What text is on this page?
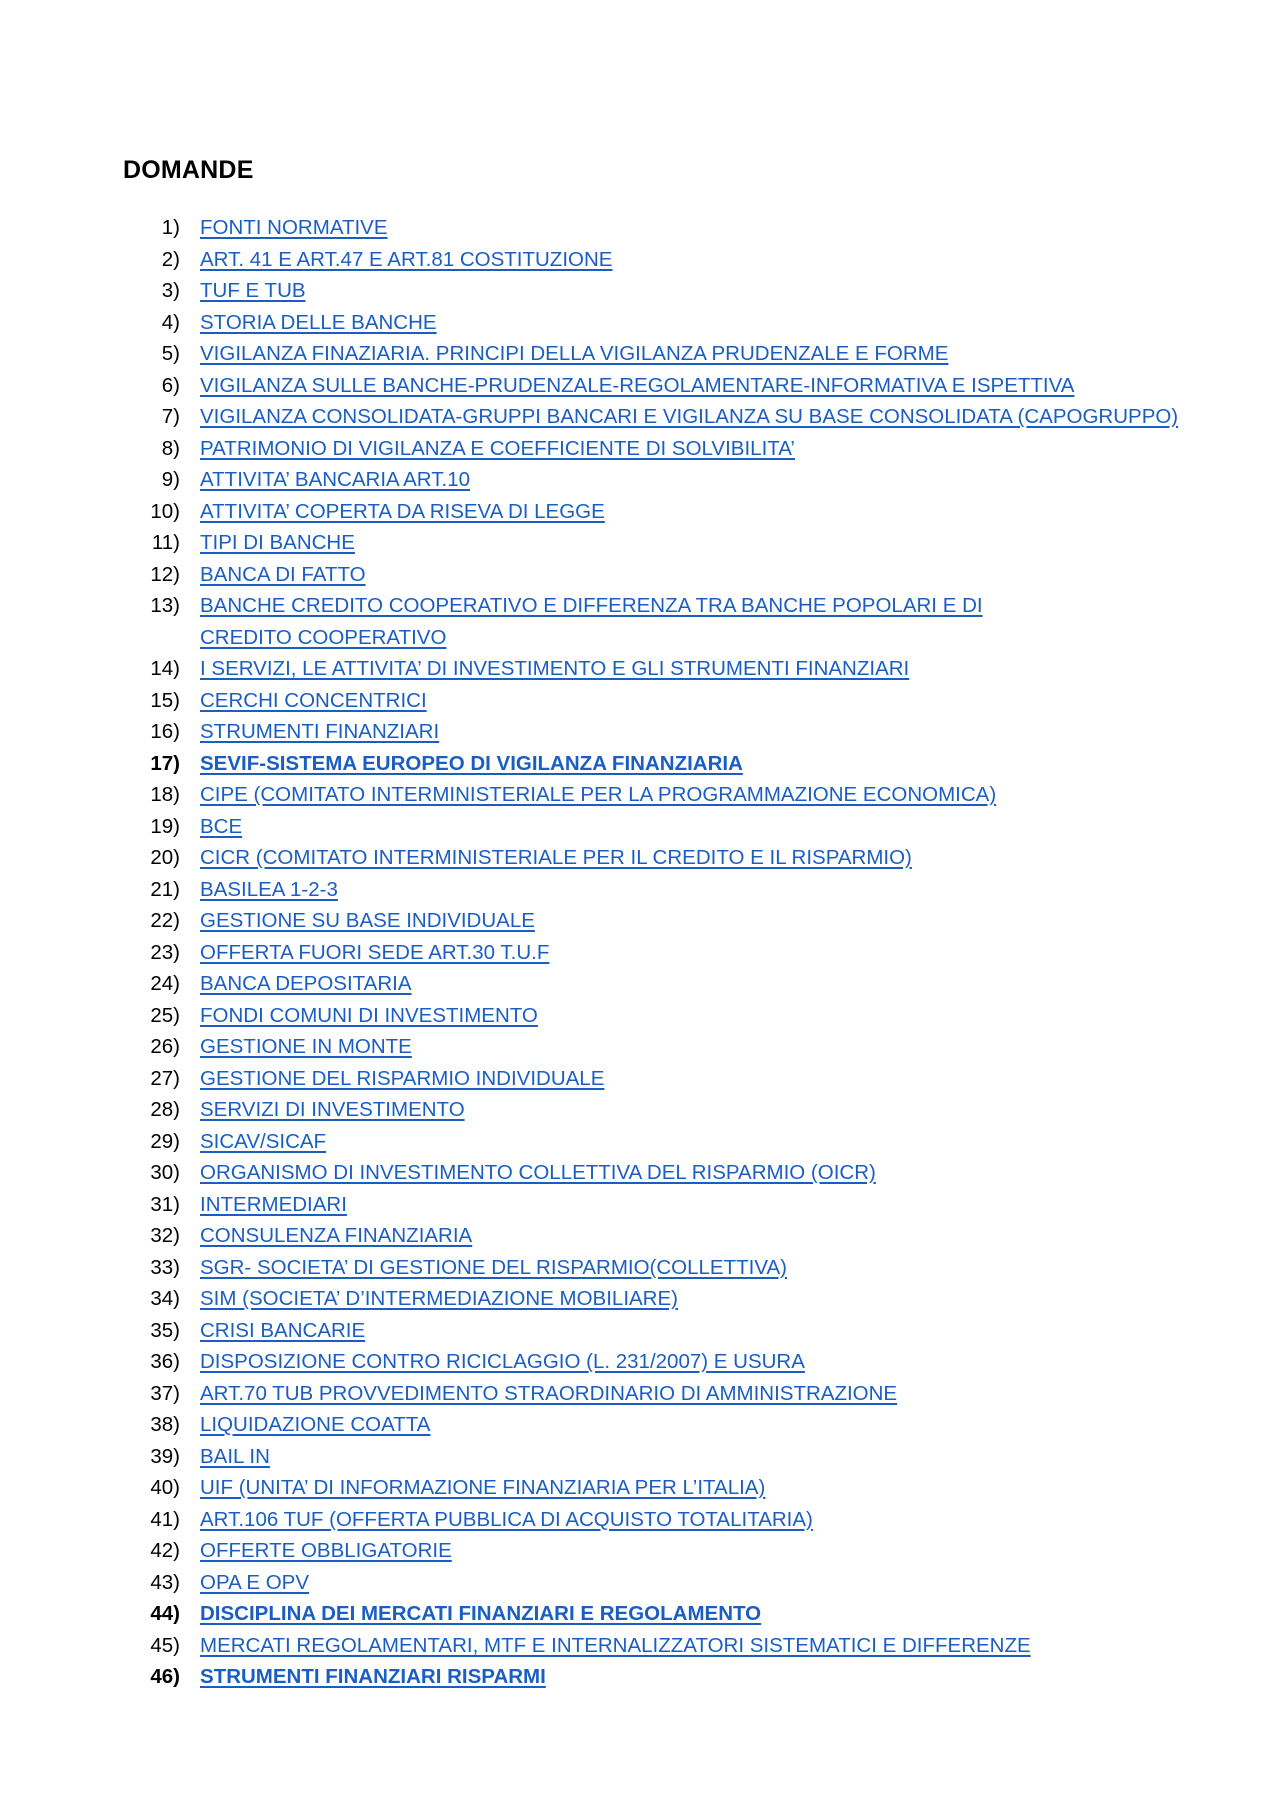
DOMANDE
1) FONTI NORMATIVE
2) ART. 41 E ART.47 E ART.81 COSTITUZIONE
3) TUF E TUB
4) STORIA DELLE BANCHE
5) VIGILANZA FINAZIARIA. PRINCIPI DELLA VIGILANZA PRUDENZALE E FORME
6) VIGILANZA SULLE BANCHE-PRUDENZALE-REGOLAMENTARE-INFORMATIVA E ISPETTIVA
7) VIGILANZA CONSOLIDATA-GRUPPI BANCARI E VIGILANZA SU BASE CONSOLIDATA (CAPOGRUPPO)
8) PATRIMONIO DI VIGILANZA E COEFFICIENTE DI SOLVIBILITA’
9) ATTIVITA’ BANCARIA ART.10
10) ATTIVITA’ COPERTA DA RISEVA DI LEGGE
11) TIPI DI BANCHE
12) BANCA DI FATTO
13) BANCHE CREDITO COOPERATIVO E DIFFERENZA TRA BANCHE POPOLARI E DI CREDITO COOPERATIVO
14) I SERVIZI, LE ATTIVITA’ DI INVESTIMENTO E GLI STRUMENTI FINANZIARI
15) CERCHI CONCENTRICI
16) STRUMENTI FINANZIARI
17) SEVIF-SISTEMA EUROPEO DI VIGILANZA FINANZIARIA
18) CIPE (COMITATO INTERMINISTERIALE PER LA PROGRAMMAZIONE ECONOMICA)
19) BCE
20) CICR (COMITATO INTERMINISTERIALE PER IL CREDITO E IL RISPARMIO)
21) BASILEA 1-2-3
22) GESTIONE SU BASE INDIVIDUALE
23) OFFERTA FUORI SEDE ART.30 T.U.F
24) BANCA DEPOSITARIA
25) FONDI COMUNI DI INVESTIMENTO
26) GESTIONE IN MONTE
27) GESTIONE DEL RISPARMIO INDIVIDUALE
28) SERVIZI DI INVESTIMENTO
29) SICAV/SICAF
30) ORGANISMO DI INVESTIMENTO COLLETTIVA DEL RISPARMIO (OICR)
31) INTERMEDIARI
32) CONSULENZA FINANZIARIA
33) SGR- SOCIETA’ DI GESTIONE DEL RISPARMIO(COLLETTIVA)
34) SIM (SOCIETA’ D’INTERMEDIAZIONE MOBILIARE)
35) CRISI BANCARIE
36) DISPOSIZIONE CONTRO RICICLAGGIO (L. 231/2007) E USURA
37) ART.70 TUB PROVVEDIMENTO STRAORDINARIO DI AMMINISTRAZIONE
38) LIQUIDAZIONE COATTA
39) BAIL IN
40) UIF (UNITA’ DI INFORMAZIONE FINANZIARIA PER L’ITALIA)
41) ART.106 TUF (OFFERTA PUBBLICA DI ACQUISTO TOTALITARIA)
42) OFFERTE OBBLIGATORIE
43) OPA E OPV
44) DISCIPLINA DEI MERCATI FINANZIARI E REGOLAMENTO
45) MERCATI REGOLAMENTARI, MTF E INTERNALIZZATORI SISTEMATICI E DIFFERENZE
46) STRUMENTI FINANZIARI RISPARMI
